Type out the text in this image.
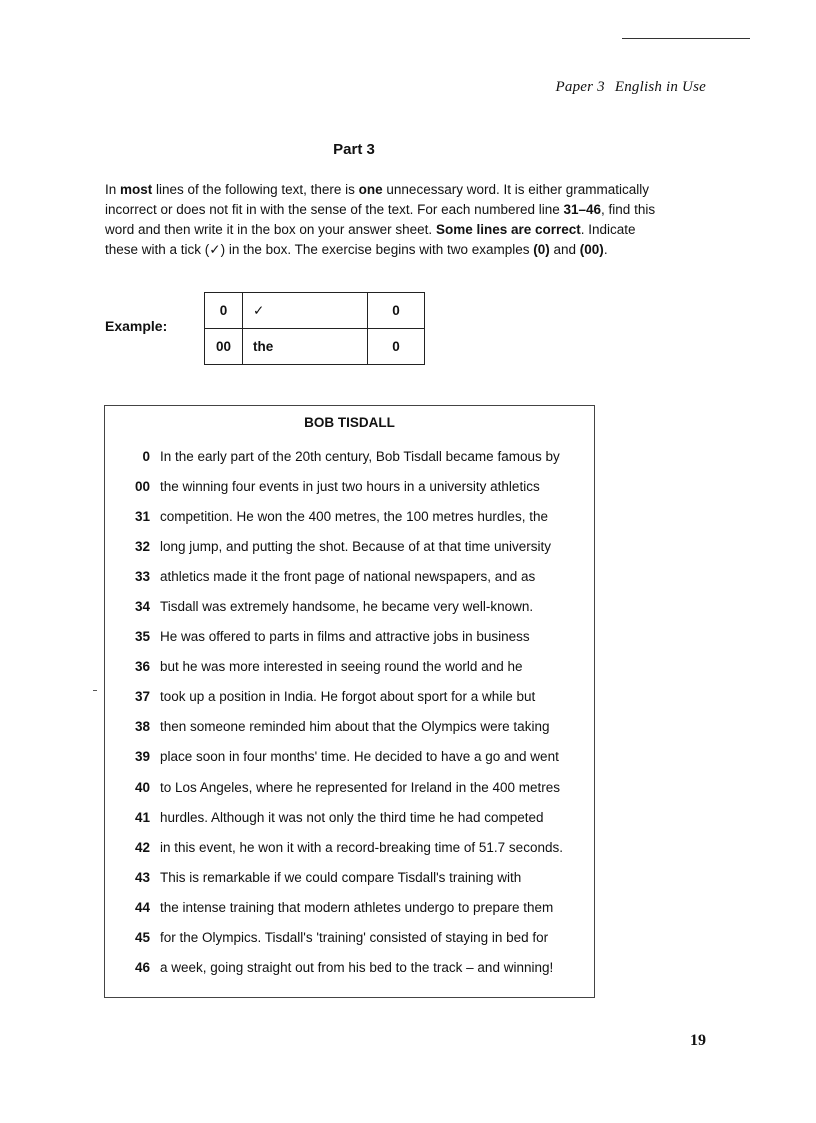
Paper 3 English in Use
Part 3
In most lines of the following text, there is one unnecessary word. It is either grammatically incorrect or does not fit in with the sense of the text. For each numbered line 31–46, find this word and then write it in the box on your answer sheet. Some lines are correct. Indicate these with a tick (✓) in the box. The exercise begins with two examples (0) and (00).
Example:
0	✓	0
00	the	0
BOB TISDALL
0 In the early part of the 20th century, Bob Tisdall became famous by
00 the winning four events in just two hours in a university athletics
31 competition. He won the 400 metres, the 100 metres hurdles, the
32 long jump, and putting the shot. Because of at that time university
33 athletics made it the front page of national newspapers, and as
34 Tisdall was extremely handsome, he became very well-known.
35 He was offered to parts in films and attractive jobs in business
36 but he was more interested in seeing round the world and he
37 took up a position in India. He forgot about sport for a while but
38 then someone reminded him about that the Olympics were taking
39 place soon in four months' time. He decided to have a go and went
40 to Los Angeles, where he represented for Ireland in the 400 metres
41 hurdles. Although it was not only the third time he had competed
42 in this event, he won it with a record-breaking time of 51.7 seconds.
43 This is remarkable if we could compare Tisdall's training with
44 the intense training that modern athletes undergo to prepare them
45 for the Olympics. Tisdall's 'training' consisted of staying in bed for
46 a week, going straight out from his bed to the track – and winning!
19
